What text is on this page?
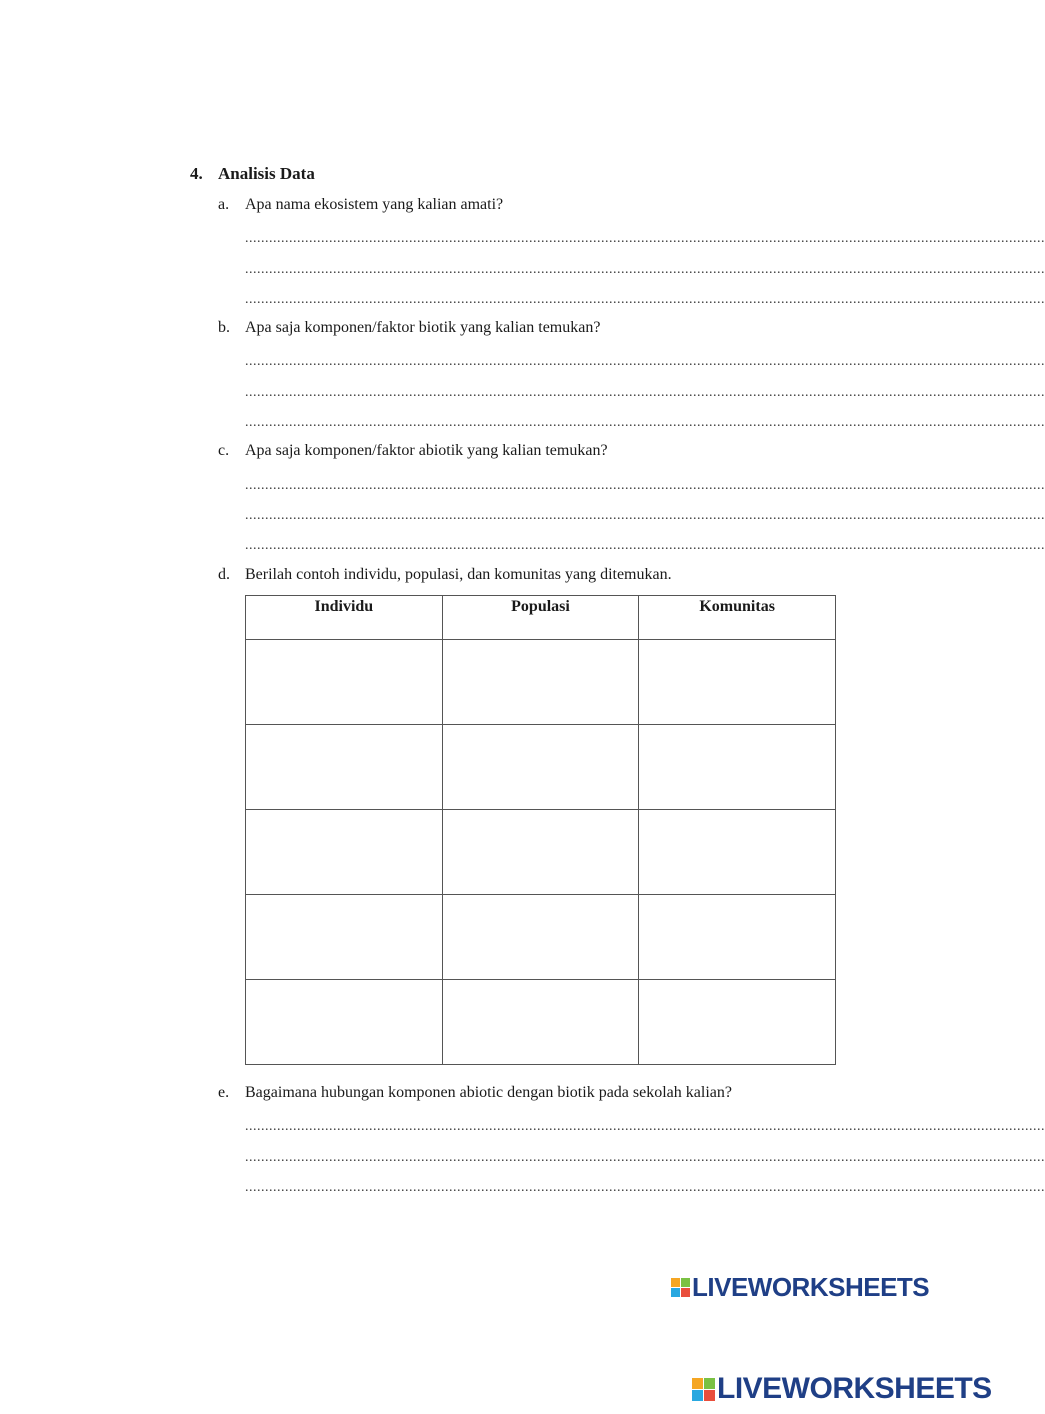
4. Analisis Data
a. Apa nama ekosistem yang kalian amati?
........................................................................................................................................................................................................
........................................................................................................................................................................................................
........................................................................................................................................................................................................
b. Apa saja komponen/faktor biotik yang kalian temukan?
........................................................................................................................................................................................................
........................................................................................................................................................................................................
........................................................................................................................................................................................................
c. Apa saja komponen/faktor abiotik yang kalian temukan?
........................................................................................................................................................................................................
........................................................................................................................................................................................................
........................................................................................................................................................................................................
d. Berilah contoh individu, populasi, dan komunitas yang ditemukan.
Individu	Populasi	Komunitas

e. Bagaimana hubungan komponen abiotic dengan biotik pada sekolah kalian?
........................................................................................................................................................................................................
........................................................................................................................................................................................................
........................................................................................................................................................................................................
LIVEWORKSHEETS
LIVEWORKSHEETS
